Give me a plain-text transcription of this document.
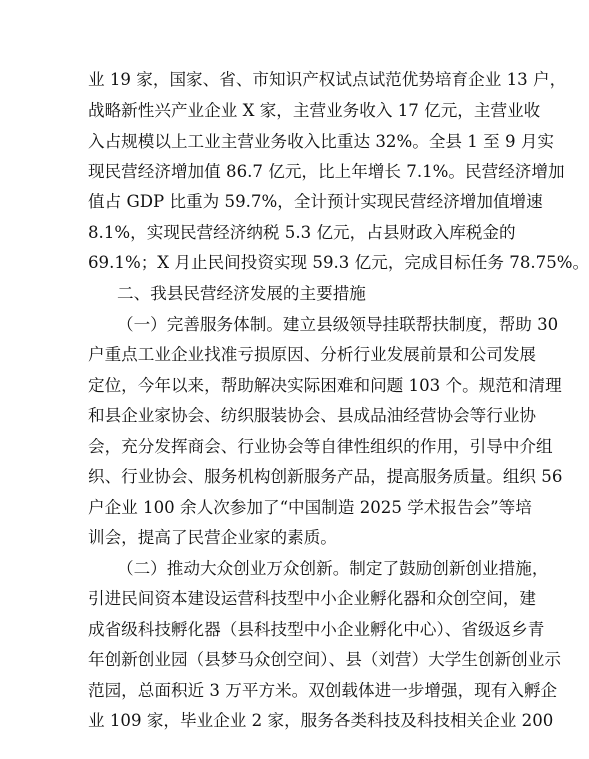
业 19 家，国家、省、市知识产权试点试范优势培育企业 13 户，
战略新性兴产业企业 X 家，主营业务收入 17 亿元，主营业收
入占规模以上工业主营业务收入比重达 32%。全县 1 至 9 月实
现民营经济增加值 86.7 亿元，比上年增长 7.1%。民营经济增加
值占 GDP 比重为 59.7%，全计预计实现民营经济增加值增速
8.1%，实现民营经济纳税 5.3 亿元，占县财政入库税金的
69.1%；X 月止民间投资实现 59.3 亿元，完成目标任务 78.75%。
二、我县民营经济发展的主要措施
（一）完善服务体制。建立县级领导挂联帮扶制度，帮助 30
户重点工业企业找准亏损原因、分析行业发展前景和公司发展
定位，今年以来，帮助解决实际困难和问题 103 个。规范和清理
和县企业家协会、纺织服装协会、县成品油经营协会等行业协
会，充分发挥商会、行业协会等自律性组织的作用，引导中介组
织、行业协会、服务机构创新服务产品，提高服务质量。组织 56
户企业 100 余人次参加了“中国制造 2025 学术报告会”等培
训会，提高了民营企业家的素质。
（二）推动大众创业万众创新。制定了鼓励创新创业措施，
引进民间资本建设运营科技型中小企业孵化器和众创空间，建
成省级科技孵化器（县科技型中小企业孵化中心）、省级返乡青
年创新创业园（县梦马众创空间）、县（刘营）大学生创新创业示
范园，总面积近 3 万平方米。双创载体进一步增强，现有入孵企
业 109 家，毕业企业 2 家，服务各类科技及科技相关企业 200
